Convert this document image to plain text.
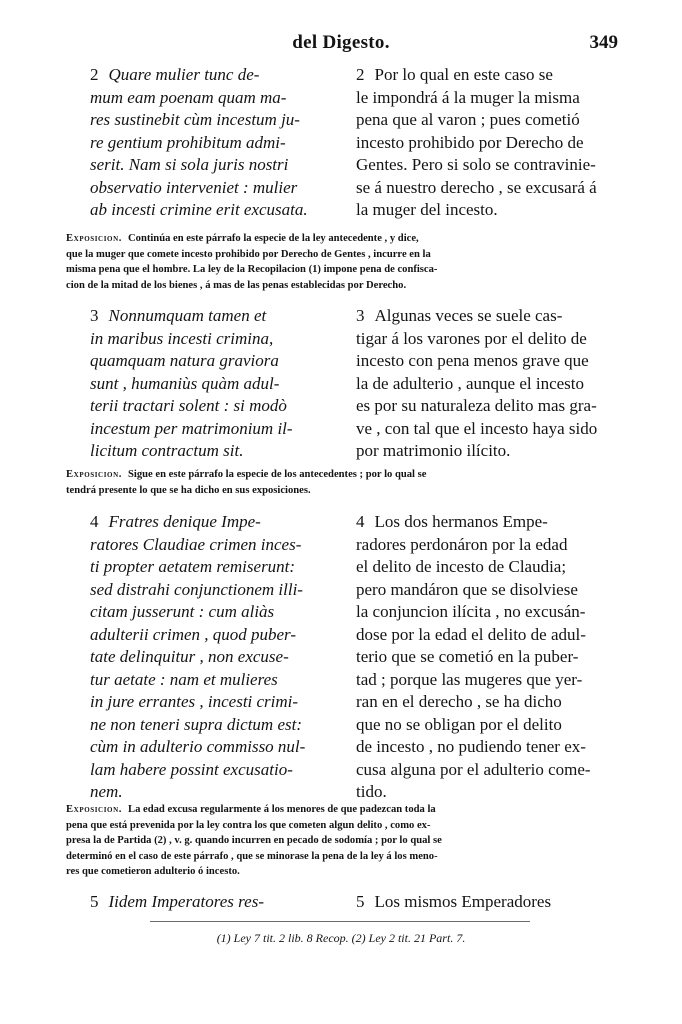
del Digesto.	349
2 Quare mulier tunc de-
mum eam poenam quam ma-
res sustinebit cùm incestum ju-
re gentium prohibitum admi-
serit. Nam si sola juris nostri
observatio interveniet : mulier
ab incesti crimine erit excusata.
2 Por lo qual en este caso se
le impondrá á la muger la misma
pena que al varon ; pues cometió
incesto prohibido por Derecho de
Gentes. Pero si solo se contravinie-
se á nuestro derecho , se excusará á
la muger del incesto.
Exposicion. Continúa en este párrafo la especie de la ley antecedente , y dice,
que la muger que comete incesto prohibido por Derecho de Gentes , incurre en la
misma pena que el hombre. La ley de la Recopilacion (1) impone pena de confisca-
cion de la mitad de los bienes , á mas de las penas establecidas por Derecho.
3 Nonnumquam tamen et
in maribus incesti crimina,
quamquam natura graviora
sunt , humaniùs quàm adul-
terii tractari solent : si modò
incestum per matrimonium il-
licitum contractum sit.
3 Algunas veces se suele cas-
tigar á los varones por el delito de
incesto con pena menos grave que
la de adulterio , aunque el incesto
es por su naturaleza delito mas gra-
ve , con tal que el incesto haya sido
por matrimonio ilícito.
Exposicion. Sigue en este párrafo la especie de los antecedentes ; por lo qual se
tendrá presente lo que se ha dicho en sus exposiciones.
4 Fratres denique Impe-
ratores Claudiae crimen inces-
ti propter aetatem remiserunt:
sed distrahi conjunctionem illi-
citam jusserunt : cum aliàs
adulterii crimen , quod puber-
tate delinquitur , non excuse-
tur aetate : nam et mulieres
in jure errantes , incesti crimi-
ne non teneri supra dictum est:
cùm in adulterio commisso nul-
lam habere possint excusatio-
nem.
4 Los dos hermanos Empe-
radores perdonáron por la edad
el delito de incesto de Claudia;
pero mandáron que se disolviese
la conjuncion ilícita , no excusán-
dose por la edad el delito de adul-
terio que se cometió en la puber-
tad ; porque las mugeres que yer-
ran en el derecho , se ha dicho
que no se obligan por el delito
de incesto , no pudiendo tener ex-
cusa alguna por el adulterio come-
tido.
Exposicion. La edad excusa regularmente á los menores de que padezcan toda la
pena que está prevenida por la ley contra los que cometen algun delito , como ex-
presa la de Partida (2) , v. g. quando incurren en pecado de sodomía ; por lo qual se
determinó en el caso de este párrafo , que se minorase la pena de la ley á los meno-
res que cometieron adulterio ó incesto.
5 Iidem Imperatores res-	5 Los mismos Emperadores
(1) Ley 7 tit. 2 lib. 8 Recop. (2) Ley 2 tit. 21 Part. 7.
